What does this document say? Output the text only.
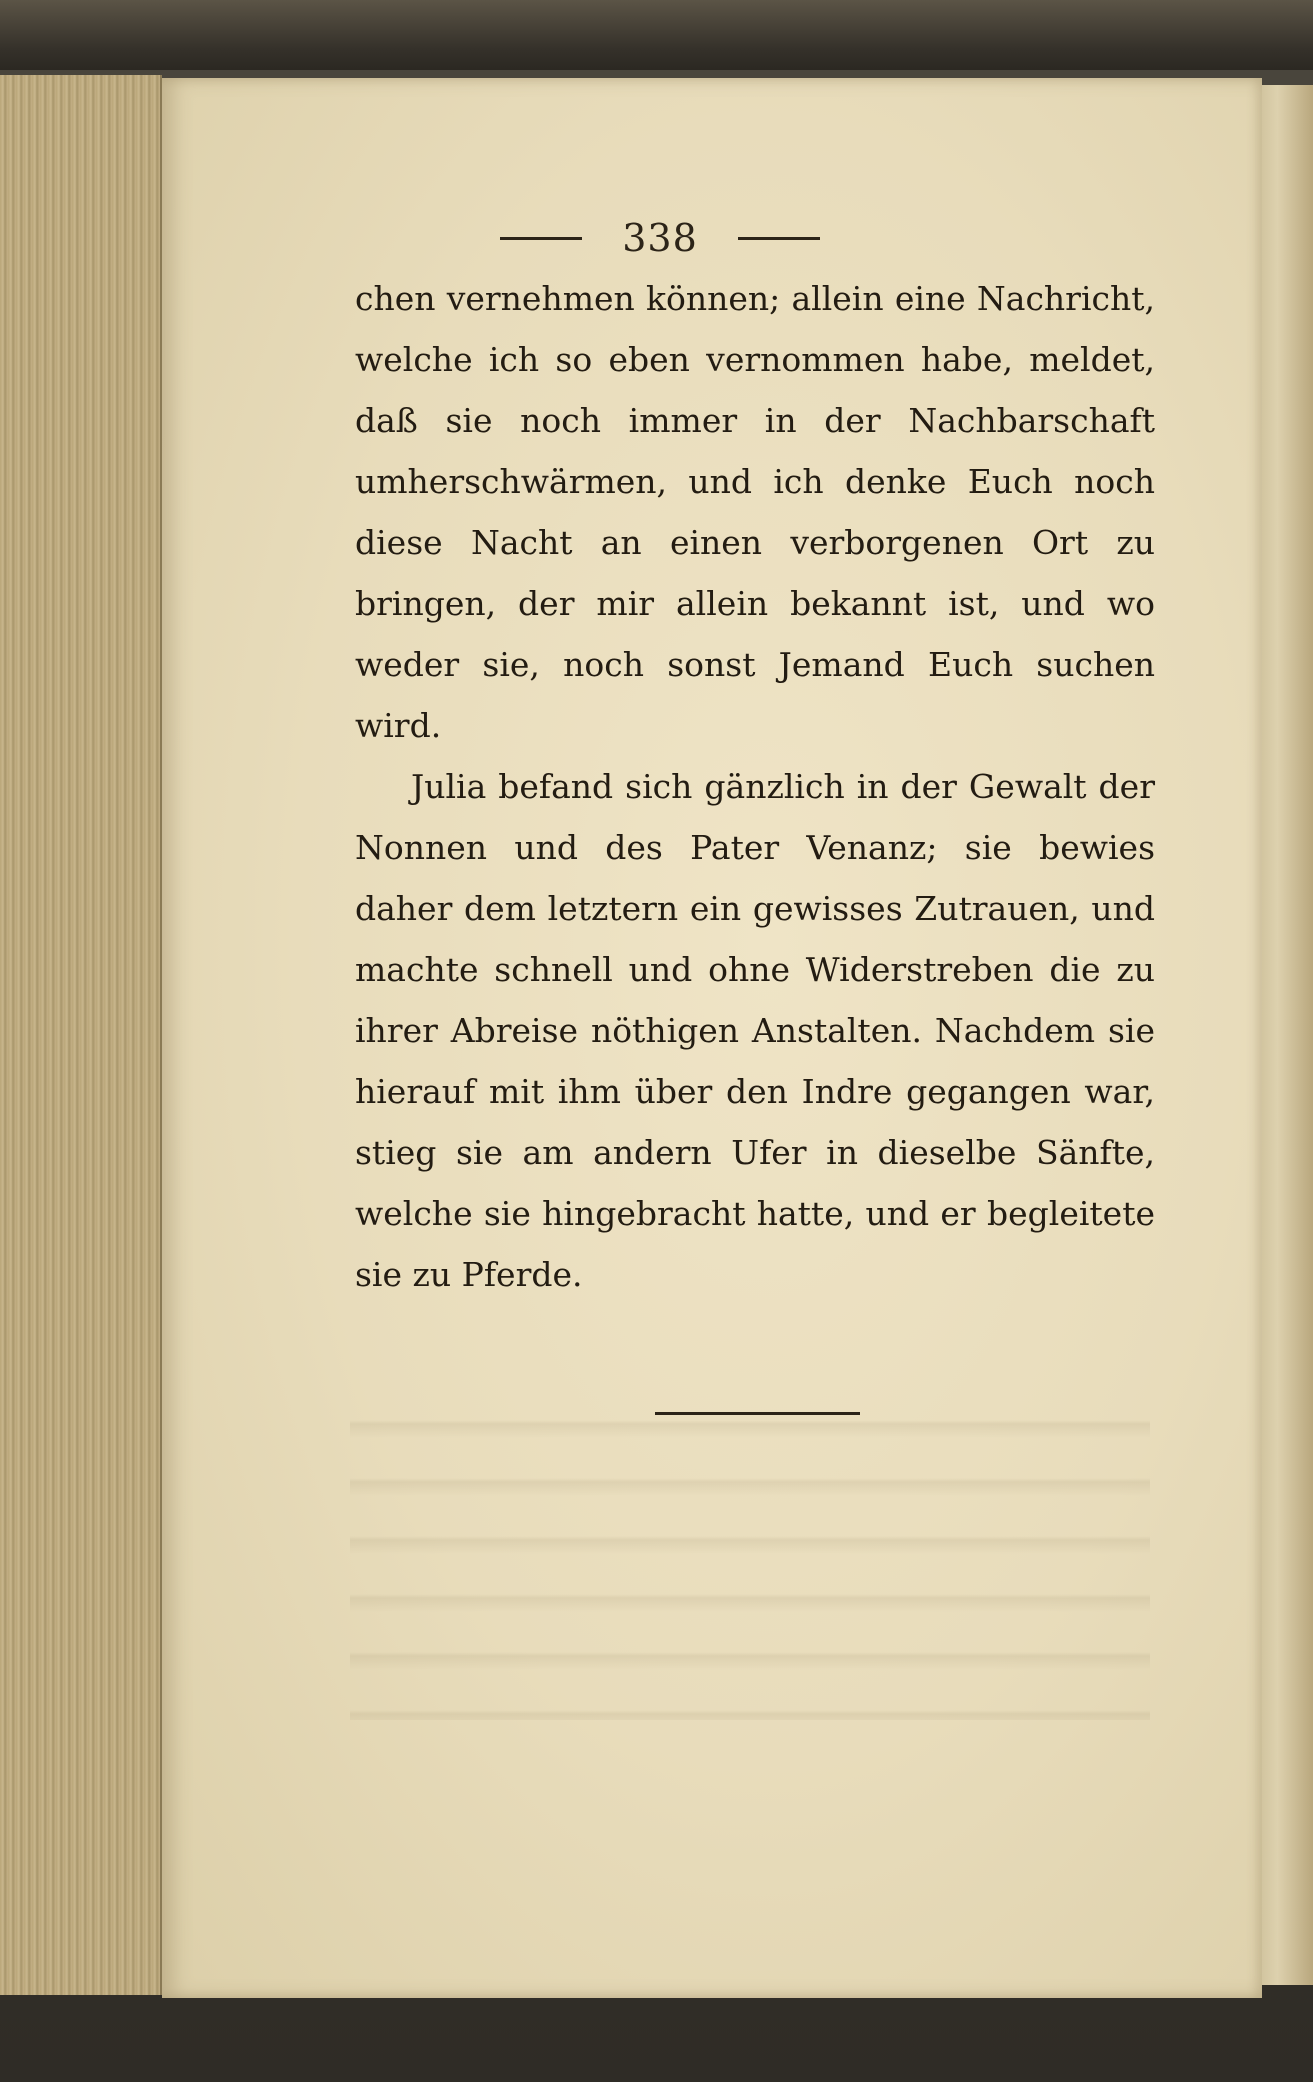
338

chen vernehmen können; allein eine Nachricht, welche ich so eben vernommen habe, meldet, daß sie noch immer in der Nachbarschaft umherschwärmen, und ich denke Euch noch diese Nacht an einen verborgenen Ort zu bringen, der mir allein bekannt ist, und wo weder sie, noch sonst Jemand Euch suchen wird.

Julia befand sich gänzlich in der Gewalt der Nonnen und des Pater Venanz; sie bewies daher dem letztern ein gewisses Zutrauen, und machte schnell und ohne Widerstreben die zu ihrer Abreise nöthigen Anstalten. Nachdem sie hierauf mit ihm über den Indre gegangen war, stieg sie am andern Ufer in dieselbe Sänfte, welche sie hingebracht hatte, und er begleitete sie zu Pferde.
